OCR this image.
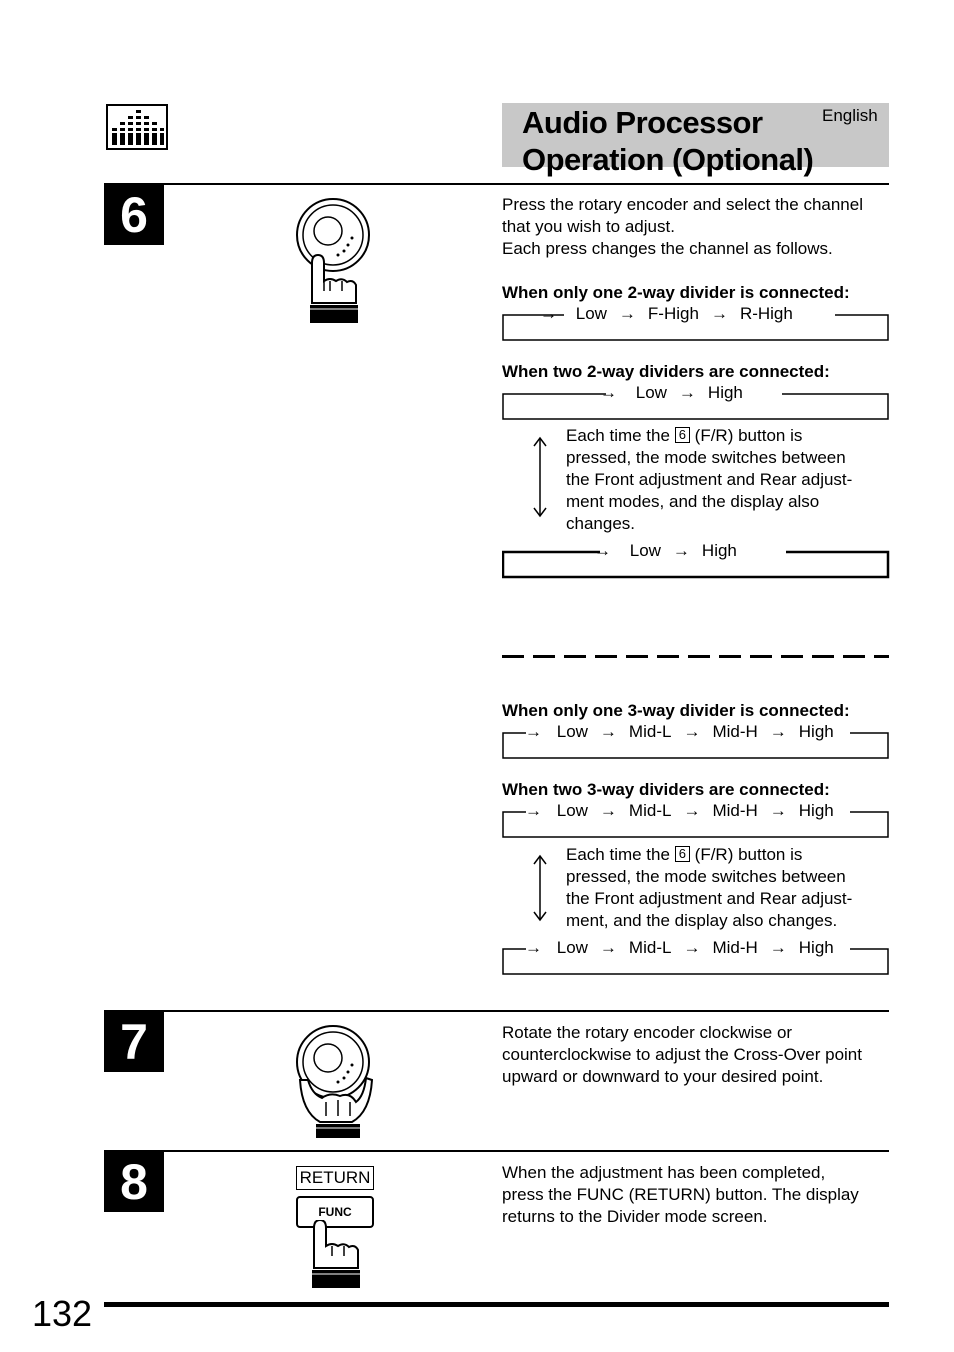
Audio Processor
Operation (Optional)
English
6	Press the rotary encoder and select the channel
that you wish to adjust.
Each press changes the channel as follows.
When only one 2-way divider is connected:
→ Low → F-High → R-High
When two 2-way dividers are connected:
→ Low → High
Each time the 6 (F/R) button is
pressed, the mode switches between
the Front adjustment and Rear adjust-
ment modes, and the display also
changes.
→ Low → High
When only one 3-way divider is connected:
→ Low → Mid-L → Mid-H → High
When two 3-way dividers are connected:
→ Low → Mid-L → Mid-H → High
Each time the 6 (F/R) button is
pressed, the mode switches between
the Front adjustment and Rear adjust-
ment, and the display also changes.
→ Low → Mid-L → Mid-H → High
7	Rotate the rotary encoder clockwise or
counterclockwise to adjust the Cross-Over point
upward or downward to your desired point.
8	RETURN
FUNC
When the adjustment has been completed,
press the FUNC (RETURN) button. The display
returns to the Divider mode screen.
132
